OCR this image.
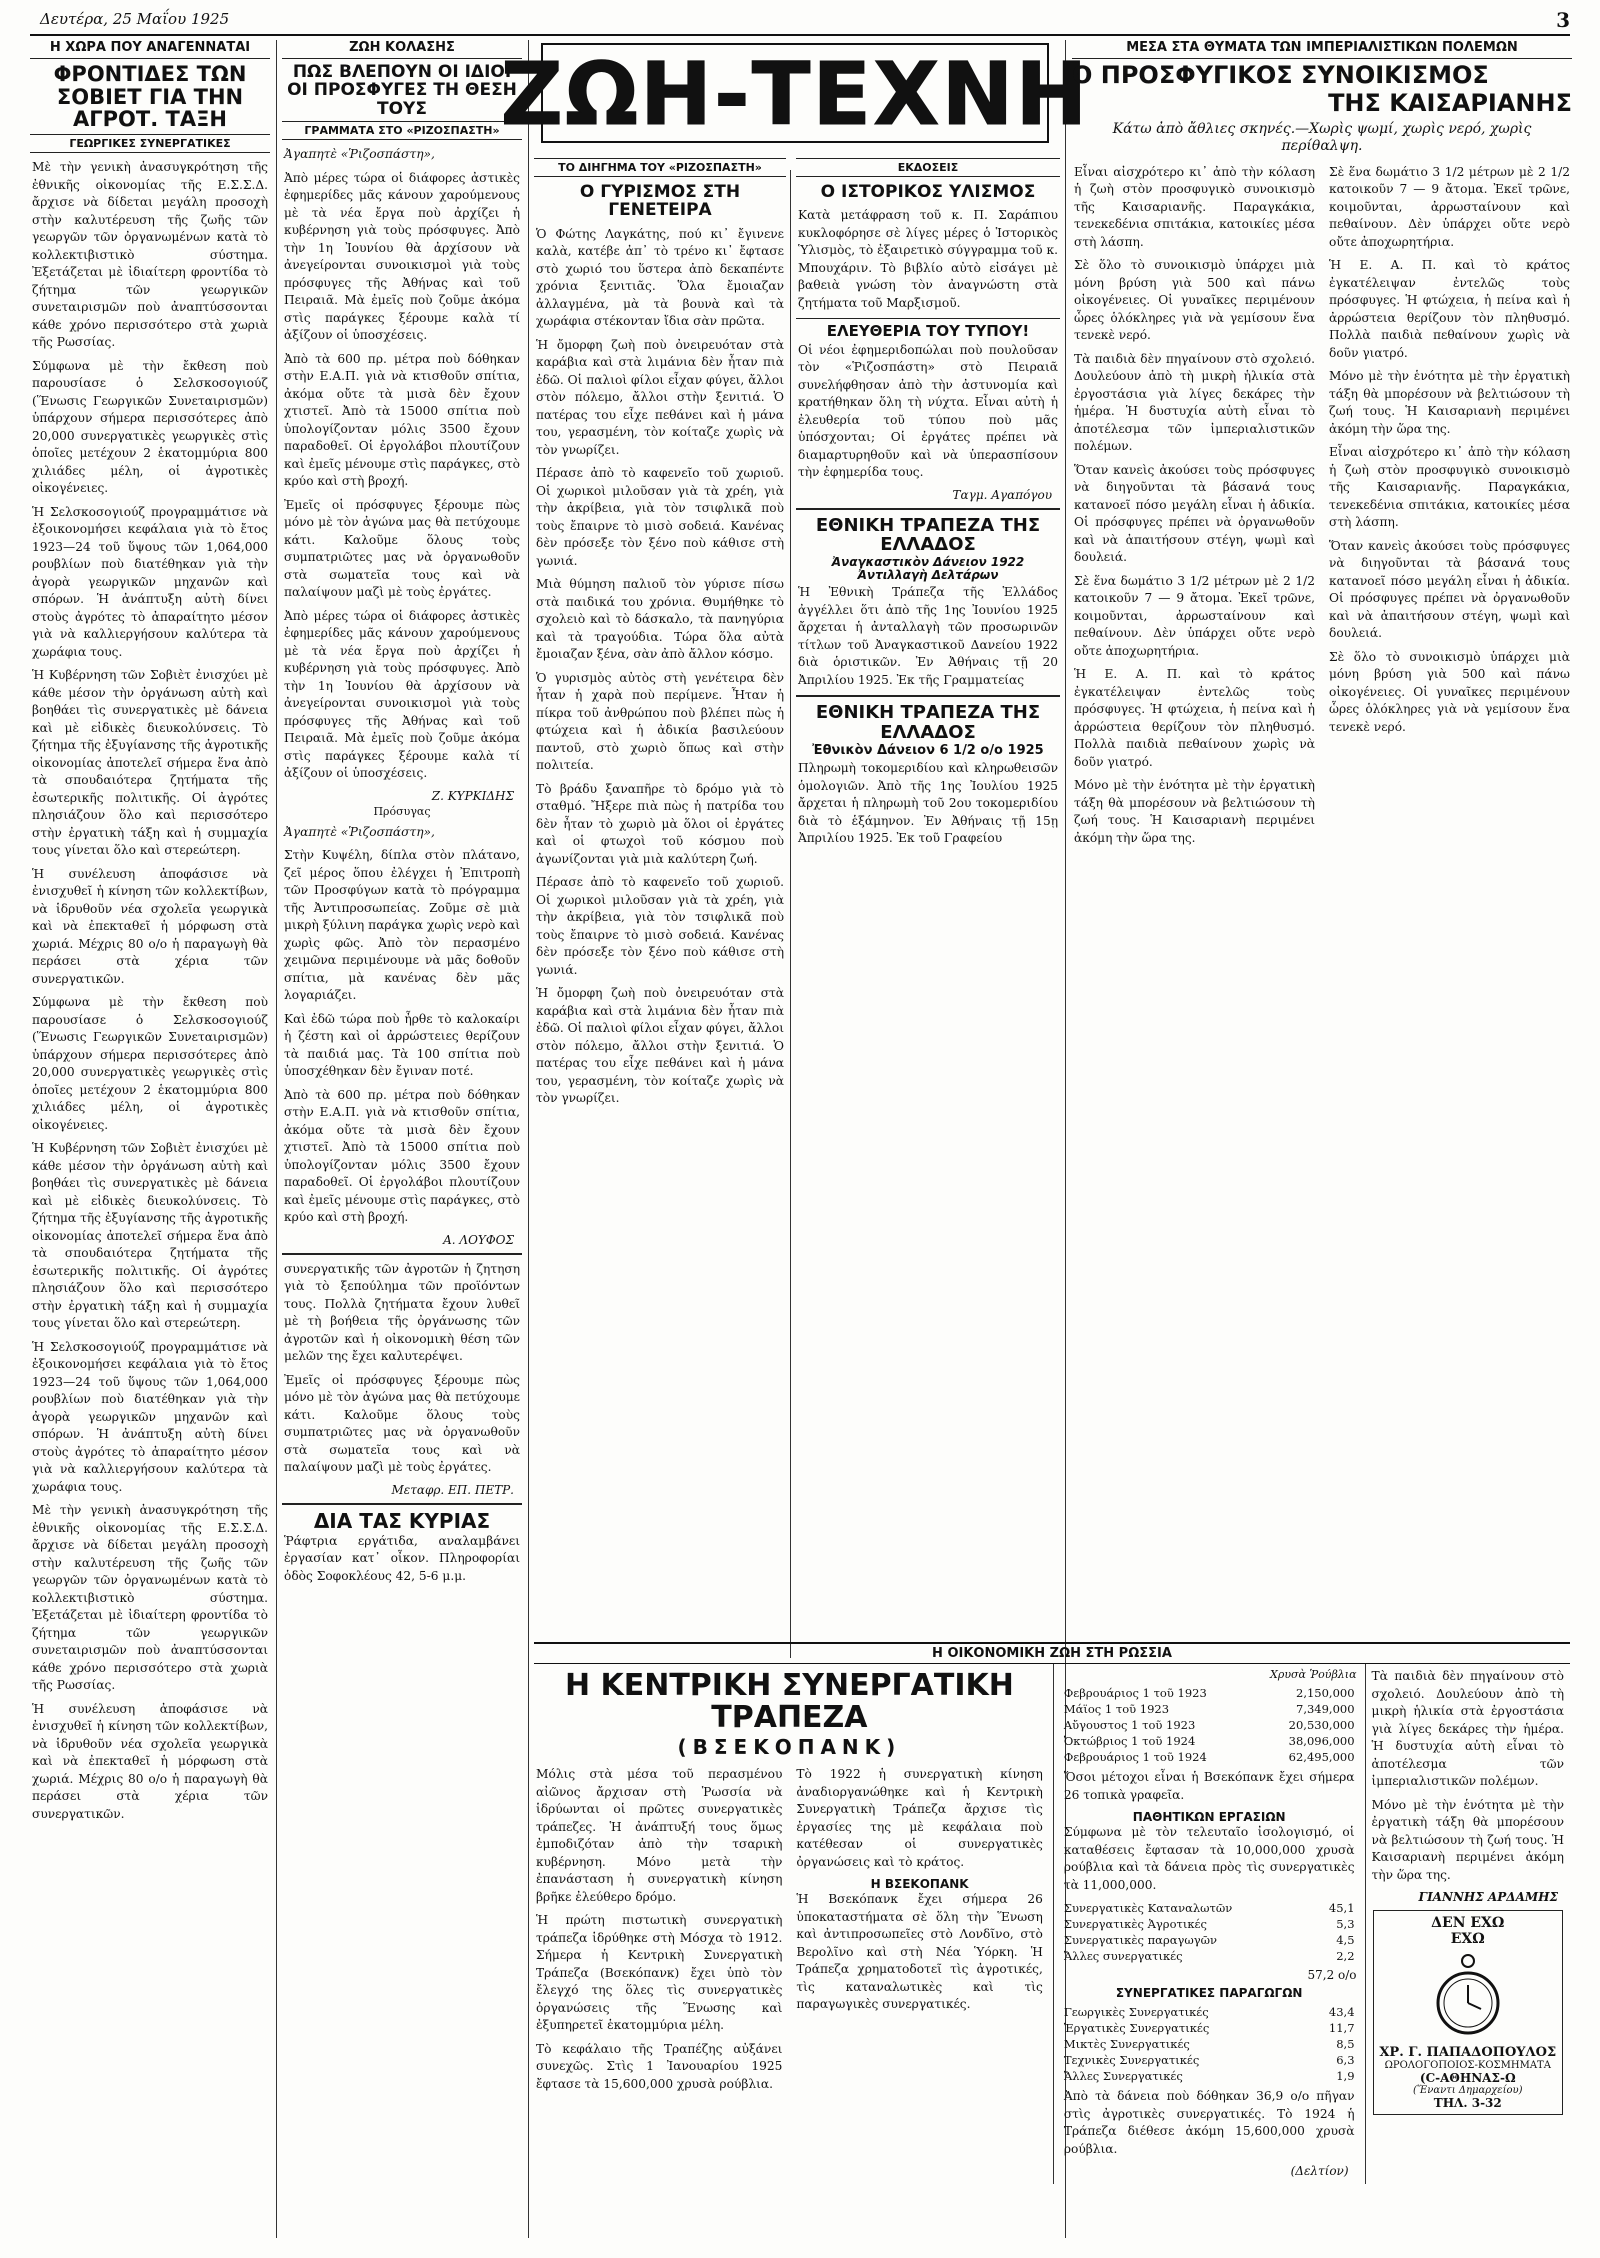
Δευτέρα, 25 Μαΐου 1925	3
Η ΧΩΡΑ ΠΟΥ ΑΝΑΓΕΝΝΑΤΑΙ
ΦΡΟΝΤΙΔΕΣ ΤΩΝ ΣΟΒΙΕΤ ΓΙΑ ΤΗΝ ΑΓΡΟΤ. ΤΑΞΗ
ΓΕΩΡΓΙΚΕΣ ΣΥΝΕΡΓΑΤΙΚΕΣ

Μὲ τὴν γενικὴ ἀνασυγκρότηση τῆς ἐθνικῆς οἰκονομίας τῆς Ε.Σ.Σ.Δ. ἄρχισε νὰ δίδεται μεγάλη προσοχὴ στὴν καλυτέρευση τῆς ζωῆς τῶν γεωργῶν τῶν ὀργανωμένων κατὰ τὸ κολλεκτιβιστικὸ σύστημα. Ἐξετάζεται μὲ ἰδιαίτερη φροντίδα τὸ ζήτημα τῶν γεωργικῶν συνεταιρισμῶν ποὺ ἀναπτύσσονται κάθε χρόνο περισσότερο στὰ χωριὰ τῆς Ρωσσίας.

Σύμφωνα μὲ τὴν ἔκθεση ποὺ παρουσίασε ὁ Σελσκοσογιούζ (Ἕνωσις Γεωργικῶν Συνεταιρισμῶν) ὑπάρχουν σήμερα περισσότερες ἀπὸ 20,000 συνεργατικὲς γεωργικὲς στὶς ὁποῖες μετέχουν 2 ἑκατομμύρια 800 χιλιάδες μέλη, οἱ ἀγροτικὲς οἰκογένειες.

Ἡ Σελσκοσογιούζ προγραμμάτισε νὰ ἐξοικονομήσει κεφάλαια γιὰ τὸ ἔτος 1923—24 τοῦ ὕψους τῶν 1,064,000 ρουβλίων ποὺ διατέθηκαν γιὰ τὴν ἀγορὰ γεωργικῶν μηχανῶν καὶ σπόρων. Ἡ ἀνάπτυξη αὐτὴ δίνει στοὺς ἀγρότες τὸ ἀπαραίτητο μέσον γιὰ νὰ καλλιεργήσουν καλύτερα τὰ χωράφια τους.

Ἡ Κυβέρνηση τῶν Σοβιὲτ ἐνισχύει μὲ κάθε μέσον τὴν ὀργάνωση αὐτὴ καὶ βοηθάει τὶς συνεργατικὲς μὲ δάνεια καὶ μὲ εἰδικὲς διευκολύνσεις. Τὸ ζήτημα τῆς ἐξυγίανσης τῆς ἀγροτικῆς οἰκονομίας ἀποτελεῖ σήμερα ἕνα ἀπὸ τὰ σπουδαιότερα ζητήματα τῆς ἐσωτερικῆς πολιτικῆς. Οἱ ἀγρότες πλησιάζουν ὅλο καὶ περισσότερο στὴν ἐργατικὴ τάξη καὶ ἡ συμμαχία τους γίνεται ὅλο καὶ στερεώτερη.

Ἡ συνέλευση ἀποφάσισε νὰ ἐνισχυθεῖ ἡ κίνηση τῶν κολλεκτίβων, νὰ ἱδρυθοῦν νέα σχολεῖα γεωργικὰ καὶ νὰ ἐπεκταθεῖ ἡ μόρφωση στὰ χωριά. Μέχρις 80 ο/ο ἡ παραγωγὴ θὰ περάσει στὰ χέρια τῶν συνεργατικῶν.

Σύμφωνα μὲ τὴν ἔκθεση ποὺ παρουσίασε ὁ Σελσκοσογιούζ (Ἕνωσις Γεωργικῶν Συνεταιρισμῶν) ὑπάρχουν σήμερα περισσότερες ἀπὸ 20,000 συνεργατικὲς γεωργικὲς στὶς ὁποῖες μετέχουν 2 ἑκατομμύρια 800 χιλιάδες μέλη, οἱ ἀγροτικὲς οἰκογένειες.

Ἡ Κυβέρνηση τῶν Σοβιὲτ ἐνισχύει μὲ κάθε μέσον τὴν ὀργάνωση αὐτὴ καὶ βοηθάει τὶς συνεργατικὲς μὲ δάνεια καὶ μὲ εἰδικὲς διευκολύνσεις. Τὸ ζήτημα τῆς ἐξυγίανσης τῆς ἀγροτικῆς οἰκονομίας ἀποτελεῖ σήμερα ἕνα ἀπὸ τὰ σπουδαιότερα ζητήματα τῆς ἐσωτερικῆς πολιτικῆς. Οἱ ἀγρότες πλησιάζουν ὅλο καὶ περισσότερο στὴν ἐργατικὴ τάξη καὶ ἡ συμμαχία τους γίνεται ὅλο καὶ στερεώτερη.

Ἡ Σελσκοσογιούζ προγραμμάτισε νὰ ἐξοικονομήσει κεφάλαια γιὰ τὸ ἔτος 1923—24 τοῦ ὕψους τῶν 1,064,000 ρουβλίων ποὺ διατέθηκαν γιὰ τὴν ἀγορὰ γεωργικῶν μηχανῶν καὶ σπόρων. Ἡ ἀνάπτυξη αὐτὴ δίνει στοὺς ἀγρότες τὸ ἀπαραίτητο μέσον γιὰ νὰ καλλιεργήσουν καλύτερα τὰ χωράφια τους.

Μὲ τὴν γενικὴ ἀνασυγκρότηση τῆς ἐθνικῆς οἰκονομίας τῆς Ε.Σ.Σ.Δ. ἄρχισε νὰ δίδεται μεγάλη προσοχὴ στὴν καλυτέρευση τῆς ζωῆς τῶν γεωργῶν τῶν ὀργανωμένων κατὰ τὸ κολλεκτιβιστικὸ σύστημα. Ἐξετάζεται μὲ ἰδιαίτερη φροντίδα τὸ ζήτημα τῶν γεωργικῶν συνεταιρισμῶν ποὺ ἀναπτύσσονται κάθε χρόνο περισσότερο στὰ χωριὰ τῆς Ρωσσίας.

Ἡ συνέλευση ἀποφάσισε νὰ ἐνισχυθεῖ ἡ κίνηση τῶν κολλεκτίβων, νὰ ἱδρυθοῦν νέα σχολεῖα γεωργικὰ καὶ νὰ ἐπεκταθεῖ ἡ μόρφωση στὰ χωριά. Μέχρις 80 ο/ο ἡ παραγωγὴ θὰ περάσει στὰ χέρια τῶν συνεργατικῶν.

ΖΩΗ ΚΟΛΑΣΗΣ
ΠΩΣ ΒΛΕΠΟΥΝ ΟΙ ΙΔΙΟΙ ΟΙ ΠΡΟΣΦΥΓΕΣ ΤΗ ΘΕΣΗ ΤΟΥΣ
ΓΡΑΜΜΑΤΑ ΣΤΟ «ΡΙΖΟΣΠΑΣΤΗ»

Ἀγαπητὲ «Ῥιζοσπάστη»,

Ἀπὸ μέρες τώρα οἱ διάφορες ἀστικὲς ἐφημερίδες μᾶς κάνουν χαρούμενους μὲ τὰ νέα ἔργα ποὺ ἀρχίζει ἡ κυβέρνηση γιὰ τοὺς πρόσφυγες. Ἀπὸ τὴν 1η Ἰουνίου θὰ ἀρχίσουν νὰ ἀνεγείρονται συνοικισμοὶ γιὰ τοὺς πρόσφυγες τῆς Ἀθήνας καὶ τοῦ Πειραιᾶ. Μὰ ἐμεῖς ποὺ ζοῦμε ἀκόμα στὶς παράγκες ξέρουμε καλὰ τί ἀξίζουν οἱ ὑποσχέσεις.

Ἀπὸ τὰ 600 πρ. μέτρα ποὺ δόθηκαν στὴν Ε.Α.Π. γιὰ νὰ κτισθοῦν σπίτια, ἀκόμα οὔτε τὰ μισὰ δὲν ἔχουν χτιστεῖ. Ἀπὸ τὰ 15000 σπίτια ποὺ ὑπολογίζονταν μόλις 3500 ἔχουν παραδοθεῖ. Οἱ ἐργολάβοι πλουτίζουν καὶ ἐμεῖς μένουμε στὶς παράγκες, στὸ κρύο καὶ στὴ βροχή.

Ἐμεῖς οἱ πρόσφυγες ξέρουμε πὼς μόνο μὲ τὸν ἀγώνα μας θὰ πετύχουμε κάτι. Καλοῦμε ὅλους τοὺς συμπατριῶτες μας νὰ ὀργανωθοῦν στὰ σωματεῖα τους καὶ νὰ παλαίψουν μαζὶ μὲ τοὺς ἐργάτες.

Ἀπὸ μέρες τώρα οἱ διάφορες ἀστικὲς ἐφημερίδες μᾶς κάνουν χαρούμενους μὲ τὰ νέα ἔργα ποὺ ἀρχίζει ἡ κυβέρνηση γιὰ τοὺς πρόσφυγες. Ἀπὸ τὴν 1η Ἰουνίου θὰ ἀρχίσουν νὰ ἀνεγείρονται συνοικισμοὶ γιὰ τοὺς πρόσφυγες τῆς Ἀθήνας καὶ τοῦ Πειραιᾶ. Μὰ ἐμεῖς ποὺ ζοῦμε ἀκόμα στὶς παράγκες ξέρουμε καλὰ τί ἀξίζουν οἱ ὑποσχέσεις.

Ζ. ΚΥΡΚΙΔΗΣ
Πρόσυγας

Ἀγαπητὲ «Ῥιζοσπάστη»,

Στὴν Κυψέλη, δίπλα στὸν πλάτανο, ζεῖ μέρος ὅπου ἐλέγχει ἡ Ἐπιτροπὴ τῶν Προσφύγων κατὰ τὸ πρόγραμμα τῆς Ἀντιπροσωπείας. Ζοῦμε σὲ μιὰ μικρὴ ξύλινη παράγκα χωρὶς νερὸ καὶ χωρὶς φῶς. Ἀπὸ τὸν περασμένο χειμῶνα περιμένουμε νὰ μᾶς δοθοῦν σπίτια, μὰ κανένας δὲν μᾶς λογαριάζει.

Καὶ ἐδῶ τώρα ποὺ ἦρθε τὸ καλοκαίρι ἡ ζέστη καὶ οἱ ἀρρώστειες θερίζουν τὰ παιδιά μας. Τὰ 100 σπίτια ποὺ ὑποσχέθηκαν δὲν ἔγιναν ποτέ.

Ἀπὸ τὰ 600 πρ. μέτρα ποὺ δόθηκαν στὴν Ε.Α.Π. γιὰ νὰ κτισθοῦν σπίτια, ἀκόμα οὔτε τὰ μισὰ δὲν ἔχουν χτιστεῖ. Ἀπὸ τὰ 15000 σπίτια ποὺ ὑπολογίζονταν μόλις 3500 ἔχουν παραδοθεῖ. Οἱ ἐργολάβοι πλουτίζουν καὶ ἐμεῖς μένουμε στὶς παράγκες, στὸ κρύο καὶ στὴ βροχή.

Α. ΛΟΥΦΟΣ

συνεργατικῆς τῶν ἀγροτῶν ἡ ζητηση γιὰ τὸ ξεπούλημα τῶν προϊόντων τους. Πολλὰ ζητήματα ἔχουν λυθεῖ μὲ τὴ βοήθεια τῆς ὀργάνωσης τῶν ἀγροτῶν καὶ ἡ οἰκονομικὴ θέση τῶν μελῶν της ἔχει καλυτερέψει.

Ἐμεῖς οἱ πρόσφυγες ξέρουμε πὼς μόνο μὲ τὸν ἀγώνα μας θὰ πετύχουμε κάτι. Καλοῦμε ὅλους τοὺς συμπατριῶτες μας νὰ ὀργανωθοῦν στὰ σωματεῖα τους καὶ νὰ παλαίψουν μαζὶ μὲ τοὺς ἐργάτες.

Μεταφρ. ΕΠ. ΠΕΤΡ.
ΔΙΑ ΤΑΣ ΚΥΡΙΑΣ

Ῥάφτρια εργάτιδα, αναλαμβάνει ἐργασίαν κατ᾽ οἶκον. Πληροφορίαι ὁδὸς Σοφοκλέους 42, 5-6 μ.μ.

ΖΩΗ-ΤΕΧΝΗ
ΤΟ ΔΙΗΓΗΜΑ ΤΟΥ «ΡΙΖΟΣΠΑΣΤΗ»
Ο ΓΥΡΙΣΜΟΣ ΣΤΗ ΓΕΝΕΤΕΙΡΑ

Ὁ Φώτης Λαγκάτης, πού κι᾽ ἔγινενε καλὰ, κατέβε ἀπ᾽ τὸ τρένο κι᾽ ἔφτασε στὸ χωριό του ὕστερα ἀπὸ δεκαπέντε χρόνια ξενιτιᾶς. Ὅλα ἔμοιαζαν ἀλλαγμένα, μὰ τὰ βουνὰ καὶ τὰ χωράφια στέκονταν ἴδια σὰν πρῶτα.

Ἡ ὄμορφη ζωὴ ποὺ ὀνειρευόταν στὰ καράβια καὶ στὰ λιμάνια δὲν ἦταν πιὰ ἐδῶ. Οἱ παλιοὶ φίλοι εἶχαν φύγει, ἄλλοι στὸν πόλεμο, ἄλλοι στὴν ξενιτιά. Ὁ πατέρας του εἶχε πεθάνει καὶ ἡ μάνα του, γερασμένη, τὸν κοίταζε χωρὶς νὰ τὸν γνωρίζει.

Πέρασε ἀπὸ τὸ καφενεῖο τοῦ χωριοῦ. Οἱ χωρικοὶ μιλοῦσαν γιὰ τὰ χρέη, γιὰ τὴν ἀκρίβεια, γιὰ τὸν τσιφλικᾶ ποὺ τοὺς ἔπαιρνε τὸ μισὸ σοδειά. Κανένας δὲν πρόσεξε τὸν ξένο ποὺ κάθισε στὴ γωνιά.

Μιὰ θύμηση παλιοῦ τὸν γύρισε πίσω στὰ παιδικά του χρόνια. Θυμήθηκε τὸ σχολειὸ καὶ τὸ δάσκαλο, τὰ πανηγύρια καὶ τὰ τραγούδια. Τώρα ὅλα αὐτὰ ἔμοιαζαν ξένα, σὰν ἀπὸ ἄλλον κόσμο.

Ὁ γυρισμὸς αὐτὸς στὴ γενέτειρα δὲν ἦταν ἡ χαρὰ ποὺ περίμενε. Ἦταν ἡ πίκρα τοῦ ἀνθρώπου ποὺ βλέπει πὼς ἡ φτώχεια καὶ ἡ ἀδικία βασιλεύουν παντοῦ, στὸ χωριὸ ὅπως καὶ στὴν πολιτεία.

Τὸ βράδυ ξαναπῆρε τὸ δρόμο γιὰ τὸ σταθμό. Ἤξερε πιὰ πὼς ἡ πατρίδα του δὲν ἦταν τὸ χωριὸ μὰ ὅλοι οἱ ἐργάτες καὶ οἱ φτωχοὶ τοῦ κόσμου ποὺ ἀγωνίζονται γιὰ μιὰ καλύτερη ζωή.

Πέρασε ἀπὸ τὸ καφενεῖο τοῦ χωριοῦ. Οἱ χωρικοὶ μιλοῦσαν γιὰ τὰ χρέη, γιὰ τὴν ἀκρίβεια, γιὰ τὸν τσιφλικᾶ ποὺ τοὺς ἔπαιρνε τὸ μισὸ σοδειά. Κανένας δὲν πρόσεξε τὸν ξένο ποὺ κάθισε στὴ γωνιά.

Ἡ ὄμορφη ζωὴ ποὺ ὀνειρευόταν στὰ καράβια καὶ στὰ λιμάνια δὲν ἦταν πιὰ ἐδῶ. Οἱ παλιοὶ φίλοι εἶχαν φύγει, ἄλλοι στὸν πόλεμο, ἄλλοι στὴν ξενιτιά. Ὁ πατέρας του εἶχε πεθάνει καὶ ἡ μάνα του, γερασμένη, τὸν κοίταζε χωρὶς νὰ τὸν γνωρίζει.

ΕΚΔΟΣΕΙΣ
Ο ΙΣΤΟΡΙΚΟΣ ΥΛΙΣΜΟΣ

Κατὰ μετάφραση τοῦ κ. Π. Σαράπιου κυκλοφόρησε σὲ λίγες μέρες ὁ Ἱστορικὸς Ὑλισμὸς, τὸ ἐξαιρετικὸ σύγγραμμα τοῦ κ. Μπουχάριν. Τὸ βιβλίο αὐτὸ εἰσάγει μὲ βαθειὰ γνώση τὸν ἀναγνώστη στὰ ζητήματα τοῦ Μαρξισμοῦ.

ΕΛΕΥΘΕΡΙΑ ΤΟΥ ΤΥΠΟΥ!

Οἱ νέοι ἐφημεριδοπώλαι ποὺ πουλοῦσαν τὸν «Ῥιζοσπάστη» στὸ Πειραιᾶ συνελήφθησαν ἀπὸ τὴν ἀστυνομία καὶ κρατήθηκαν ὅλη τὴ νύχτα. Εἶναι αὐτὴ ἡ ἐλευθερία τοῦ τύπου ποὺ μᾶς ὑπόσχονται; Οἱ ἐργάτες πρέπει νὰ διαμαρτυρηθοῦν καὶ νὰ ὑπερασπίσουν τὴν ἐφημερίδα τους.

Ταγμ. Αγαπόγου
ΕΘΝΙΚΗ ΤΡΑΠΕΖΑ ΤΗΣ ΕΛΛΑΔΟΣ
Ἀναγκαστικὸν Δάνειον 1922 Ἀντιλλαγὴ Δελτάρων

Ἡ Ἐθνικὴ Τράπεζα τῆς Ἑλλάδος ἀγγέλλει ὅτι ἀπὸ τῆς 1ης Ἰουνίου 1925 ἄρχεται ἡ ἀνταλλαγὴ τῶν προσωρινῶν τίτλων τοῦ Ἀναγκαστικοῦ Δανείου 1922 διὰ ὁριστικῶν. Ἐν Ἀθήναις τῇ 20 Ἀπριλίου 1925. Ἐκ τῆς Γραμματείας

ΕΘΝΙΚΗ ΤΡΑΠΕΖΑ ΤΗΣ ΕΛΛΑΔΟΣ
Ἐθνικὸν Δάνειον 6 1/2 ο/ο 1925

Πληρωμὴ τοκομεριδίου καὶ κληρωθεισῶν ὁμολογιῶν. Ἀπὸ τῆς 1ης Ἰουλίου 1925 ἄρχεται ἡ πληρωμὴ τοῦ 2ου τοκομεριδίου διὰ τὸ ἑξάμηνον. Ἐν Ἀθήναις τῇ 15ῃ Ἀπριλίου 1925. Ἐκ τοῦ Γραφείου

ΜΕΣΑ ΣΤΑ ΘΥΜΑΤΑ ΤΩΝ ΙΜΠΕΡΙΑΛΙΣΤΙΚΩΝ ΠΟΛΕΜΩΝ
Ο ΠΡΟΣΦΥΓΙΚΟΣ ΣΥΝΟΙΚΙΣΜΟΣ
ΤΗΣ ΚΑΙΣΑΡΙΑΝΗΣ
Κάτω ἀπὸ ἄθλιες σκηνές.—Χωρὶς ψωμί, χωρὶς νερό, χωρὶς περίθαλψη.

Εἶναι αἰσχρότερο κι᾽ ἀπὸ τὴν κόλαση ἡ ζωὴ στὸν προσφυγικὸ συνοικισμὸ τῆς Καισαριανῆς. Παραγκάκια, τενεκεδένια σπιτάκια, κατοικίες μέσα στὴ λάσπη.

Σὲ ὅλο τὸ συνοικισμὸ ὑπάρχει μιὰ μόνη βρύση γιὰ 500 καὶ πάνω οἰκογένειες. Οἱ γυναῖκες περιμένουν ὧρες ὁλόκληρες γιὰ νὰ γεμίσουν ἕνα τενεκὲ νερό.

Τὰ παιδιὰ δὲν πηγαίνουν στὸ σχολειό. Δουλεύουν ἀπὸ τὴ μικρὴ ἡλικία στὰ ἐργοστάσια γιὰ λίγες δεκάρες τὴν ἡμέρα. Ἡ δυστυχία αὐτὴ εἶναι τὸ ἀποτέλεσμα τῶν ἰμπεριαλιστικῶν πολέμων.

Ὅταν κανεὶς ἀκούσει τοὺς πρόσφυγες νὰ διηγοῦνται τὰ βάσανά τους κατανοεῖ πόσο μεγάλη εἶναι ἡ ἀδικία. Οἱ πρόσφυγες πρέπει νὰ ὀργανωθοῦν καὶ νὰ ἀπαιτήσουν στέγη, ψωμὶ καὶ δουλειά.

Σὲ ἕνα δωμάτιο 3 1/2 μέτρων μὲ 2 1/2 κατοικοῦν 7 — 9 ἄτομα. Ἐκεῖ τρῶνε, κοιμοῦνται, ἀρρωσταίνουν καὶ πεθαίνουν. Δὲν ὑπάρχει οὔτε νερὸ οὔτε ἀποχωρητήρια.

Ἡ Ε. Α. Π. καὶ τὸ κράτος ἐγκατέλειψαν ἐντελῶς τοὺς πρόσφυγες. Ἡ φτώχεια, ἡ πείνα καὶ ἡ ἀρρώστεια θερίζουν τὸν πληθυσμό. Πολλὰ παιδιὰ πεθαίνουν χωρὶς νὰ δοῦν γιατρό.

Μόνο μὲ τὴν ἑνότητα μὲ τὴν ἐργατικὴ τάξη θὰ μπορέσουν νὰ βελτιώσουν τὴ ζωή τους. Ἡ Καισαριανὴ περιμένει ἀκόμη τὴν ὥρα της.

Σὲ ἕνα δωμάτιο 3 1/2 μέτρων μὲ 2 1/2 κατοικοῦν 7 — 9 ἄτομα. Ἐκεῖ τρῶνε, κοιμοῦνται, ἀρρωσταίνουν καὶ πεθαίνουν. Δὲν ὑπάρχει οὔτε νερὸ οὔτε ἀποχωρητήρια.

Ἡ Ε. Α. Π. καὶ τὸ κράτος ἐγκατέλειψαν ἐντελῶς τοὺς πρόσφυγες. Ἡ φτώχεια, ἡ πείνα καὶ ἡ ἀρρώστεια θερίζουν τὸν πληθυσμό. Πολλὰ παιδιὰ πεθαίνουν χωρὶς νὰ δοῦν γιατρό.

Μόνο μὲ τὴν ἑνότητα μὲ τὴν ἐργατικὴ τάξη θὰ μπορέσουν νὰ βελτιώσουν τὴ ζωή τους. Ἡ Καισαριανὴ περιμένει ἀκόμη τὴν ὥρα της.

Εἶναι αἰσχρότερο κι᾽ ἀπὸ τὴν κόλαση ἡ ζωὴ στὸν προσφυγικὸ συνοικισμὸ τῆς Καισαριανῆς. Παραγκάκια, τενεκεδένια σπιτάκια, κατοικίες μέσα στὴ λάσπη.

Ὅταν κανεὶς ἀκούσει τοὺς πρόσφυγες νὰ διηγοῦνται τὰ βάσανά τους κατανοεῖ πόσο μεγάλη εἶναι ἡ ἀδικία. Οἱ πρόσφυγες πρέπει νὰ ὀργανωθοῦν καὶ νὰ ἀπαιτήσουν στέγη, ψωμὶ καὶ δουλειά.

Σὲ ὅλο τὸ συνοικισμὸ ὑπάρχει μιὰ μόνη βρύση γιὰ 500 καὶ πάνω οἰκογένειες. Οἱ γυναῖκες περιμένουν ὧρες ὁλόκληρες γιὰ νὰ γεμίσουν ἕνα τενεκὲ νερό.

Η ΟΙΚΟΝΟΜΙΚΗ ΖΩΗ ΣΤΗ ΡΩΣΣΙΑ
Η ΚΕΝΤΡΙΚΗ ΣΥΝΕΡΓΑΤΙΚΗ ΤΡΑΠΕΖΑ
(ΒΣΕΚΟΠΑΝΚ)

Μόλις στὰ μέσα τοῦ περασμένου αἰῶνος ἄρχισαν στὴ Ῥωσσία νὰ ἱδρύωνται οἱ πρῶτες συνεργατικὲς τράπεζες. Ἡ ἀνάπτυξή τους ὅμως ἐμποδιζόταν ἀπὸ τὴν τσαρικὴ κυβέρνηση. Μόνο μετὰ τὴν ἐπανάσταση ἡ συνεργατικὴ κίνηση βρῆκε ἐλεύθερο δρόμο.

Ἡ πρώτη πιστωτικὴ συνεργατικὴ τράπεζα ἱδρύθηκε στὴ Μόσχα τὸ 1912. Σήμερα ἡ Κεντρικὴ Συνεργατικὴ Τράπεζα (Βσεκόπανκ) ἔχει ὑπὸ τὸν ἔλεγχό της ὅλες τὶς συνεργατικὲς ὀργανώσεις τῆς Ἕνωσης καὶ ἐξυπηρετεῖ ἑκατομμύρια μέλη.

Τὸ κεφάλαιο τῆς Τραπέζης αὐξάνει συνεχῶς. Στὶς 1 Ἰανουαρίου 1925 ἔφτασε τὰ 15,600,000 χρυσὰ ρούβλια.

Τὸ 1922 ἡ συνεργατικὴ κίνηση ἀναδιοργανώθηκε καὶ ἡ Κεντρικὴ Συνεργατικὴ Τράπεζα ἄρχισε τὶς ἐργασίες της μὲ κεφάλαια ποὺ κατέθεσαν οἱ συνεργατικὲς ὀργανώσεις καὶ τὸ κράτος.

Η ΒΣΕΚΟΠΑΝΚ

Ἡ Βσεκόπανκ ἔχει σήμερα 26 ὑποκαταστήματα σὲ ὅλη τὴν Ἕνωση καὶ ἀντιπροσωπεῖες στὸ Λονδῖνο, στὸ Βερολῖνο καὶ στὴ Νέα Ὑόρκη. Ἡ Τράπεζα χρηματοδοτεῖ τὶς ἀγροτικές, τὶς καταναλωτικὲς καὶ τὶς παραγωγικὲς συνεργατικές.

Χρυσὰ Ῥούβλια
Φεβρουάριος 1 τοῦ 1923	2,150,000
Μάϊος 1 τοῦ 1923	7,349,000
Αὔγουστος 1 τοῦ 1923	20,530,000
Ὀκτώβριος 1 τοῦ 1924	38,096,000
Φεβρουάριος 1 τοῦ 1924	62,495,000

Ὅσοι μέτοχοι εἶναι ἡ Βσεκόπανκ ἔχει σήμερα 26 τοπικὰ γραφεῖα.

ΠΑΘΗΤΙΚΩΝ ΕΡΓΑΣΙΩΝ

Σύμφωνα μὲ τὸν τελευταῖο ἰσολογισμό, οἱ καταθέσεις ἔφτασαν τὰ 10,000,000 χρυσὰ ρούβλια καὶ τὰ δάνεια πρὸς τὶς συνεργατικὲς τὰ 11,000,000.

Συνεργατικὲς Καταναλωτῶν	45,1
Συνεργατικὲς Ἀγροτικές	5,3
Συνεργατικὲς παραγωγῶν	4,5
Ἄλλες συνεργατικές	2,2
57,2 ο/ο
ΣΥΝΕΡΓΑΤΙΚΕΣ ΠΑΡΑΓΩΓΩΝ
Γεωργικὲς Συνεργατικές	43,4
Ἐργατικὲς Συνεργατικές	11,7
Μικτὲς Συνεργατικές	8,5
Τεχνικὲς Συνεργατικές	6,3
Ἄλλες Συνεργατικές	1,9

Ἀπὸ τὰ δάνεια ποὺ δόθηκαν 36,9 ο/ο πῆγαν στὶς ἀγροτικὲς συνεργατικές. Τὸ 1924 ἡ Τράπεζα διέθεσε ἀκόμη 15,600,000 χρυσὰ ρούβλια.

(Δελτίον)

Τὰ παιδιὰ δὲν πηγαίνουν στὸ σχολειό. Δουλεύουν ἀπὸ τὴ μικρὴ ἡλικία στὰ ἐργοστάσια γιὰ λίγες δεκάρες τὴν ἡμέρα. Ἡ δυστυχία αὐτὴ εἶναι τὸ ἀποτέλεσμα τῶν ἰμπεριαλιστικῶν πολέμων.

Μόνο μὲ τὴν ἑνότητα μὲ τὴν ἐργατικὴ τάξη θὰ μπορέσουν νὰ βελτιώσουν τὴ ζωή τους. Ἡ Καισαριανὴ περιμένει ἀκόμη τὴν ὥρα της.

ΓΙΑΝΝΗΣ ΑΡΔΑΜΗΣ
ΔΕΝ ΕΧΩ
ΕΧΩ
ΧΡ. Γ. ΠΑΠΑΔΟΠΟΥΛΟΣ
ΩΡΟΛΟΓΟΠΟΙΟΣ-ΚΟΣΜΗΜΑΤΑ
(C-ΑΘΗΝΑΣ-Ω
(Ἕναντι Δημαρχείου)
ΤΗΛ. 3-32
